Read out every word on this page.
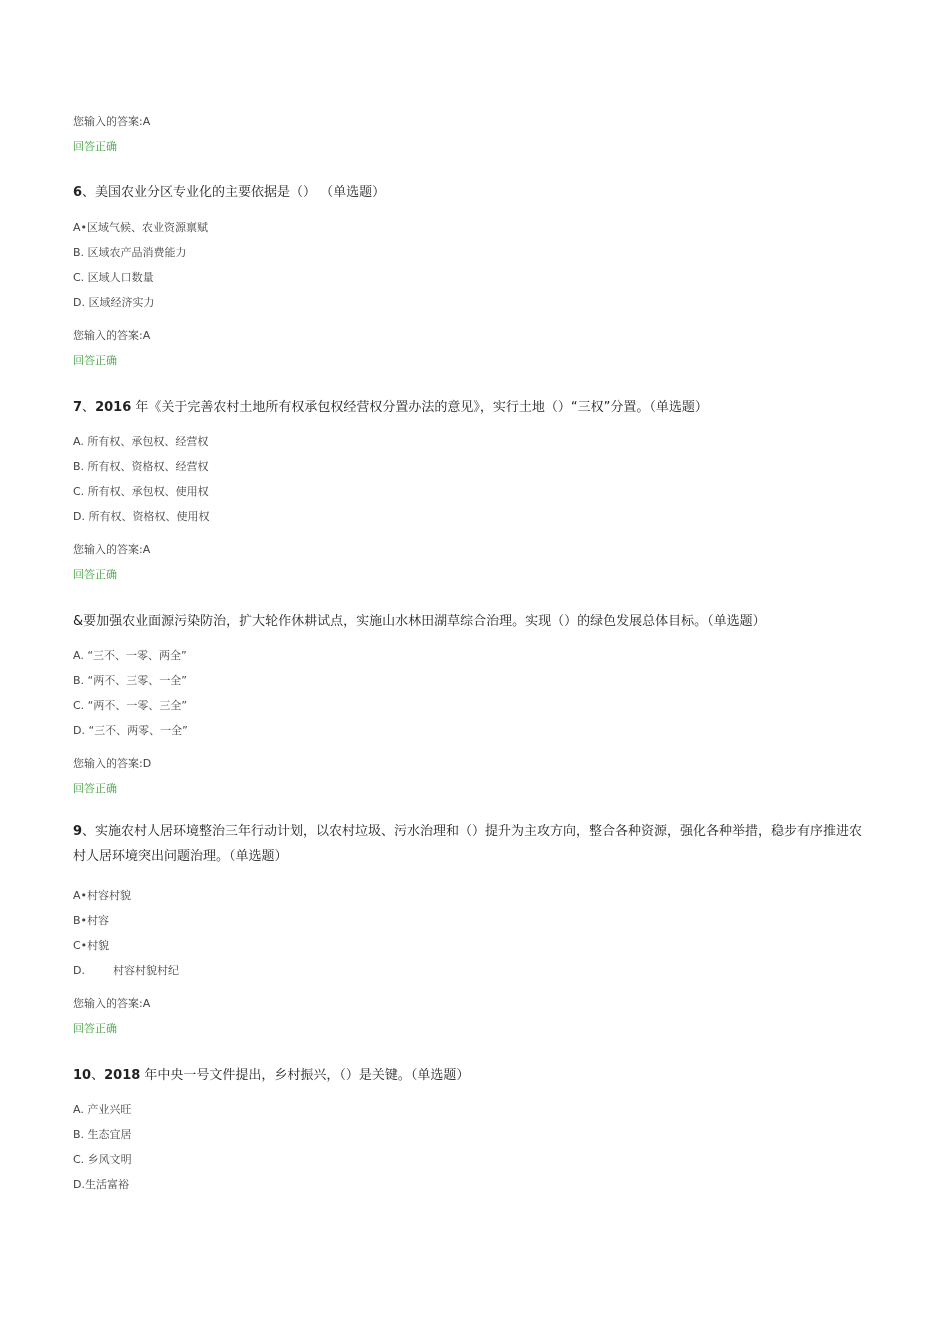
您输入的答案:A
回答正确
6、美国农业分区专业化的主要依据是（） （单选题）
A•区域气候、农业资源禀赋
B. 区域农产品消费能力
C. 区域人口数量
D. 区域经济实力
您输入的答案:A
回答正确
7、2016 年《关于完善农村土地所有权承包权经营权分置办法的意见》，实行土地（）“三权”分置。（单选题）
A. 所有权、承包权、经营权
B. 所有权、资格权、经营权
C. 所有权、承包权、使用权
D. 所有权、资格权、使用权
您输入的答案:A
回答正确
&要加强农业面源污染防治，扩大轮作休耕试点，实施山水林田湖草综合治理。实现（）的绿色发展总体目标。（单选题）
A. “三不、一零、两全”
B. “两不、三零、一全”
C. “两不、一零、三全”
D. “三不、两零、一全”
您输入的答案:D
回答正确
9、实施农村人居环境整治三年行动计划，以农村垃圾、污水治理和（）提升为主攻方向，整合各种资源，强化各种举措，稳步有序推进农村人居环境突出问题治理。（单选题）
A•村容村貌
B•村容
C•村貌
D.        村容村貌村纪
您输入的答案:A
回答正确
10、2018 年中央一号文件提出，乡村振兴，（）是关键。（单选题）
A. 产业兴旺
B. 生态宜居
C. 乡风文明
D.生活富裕
